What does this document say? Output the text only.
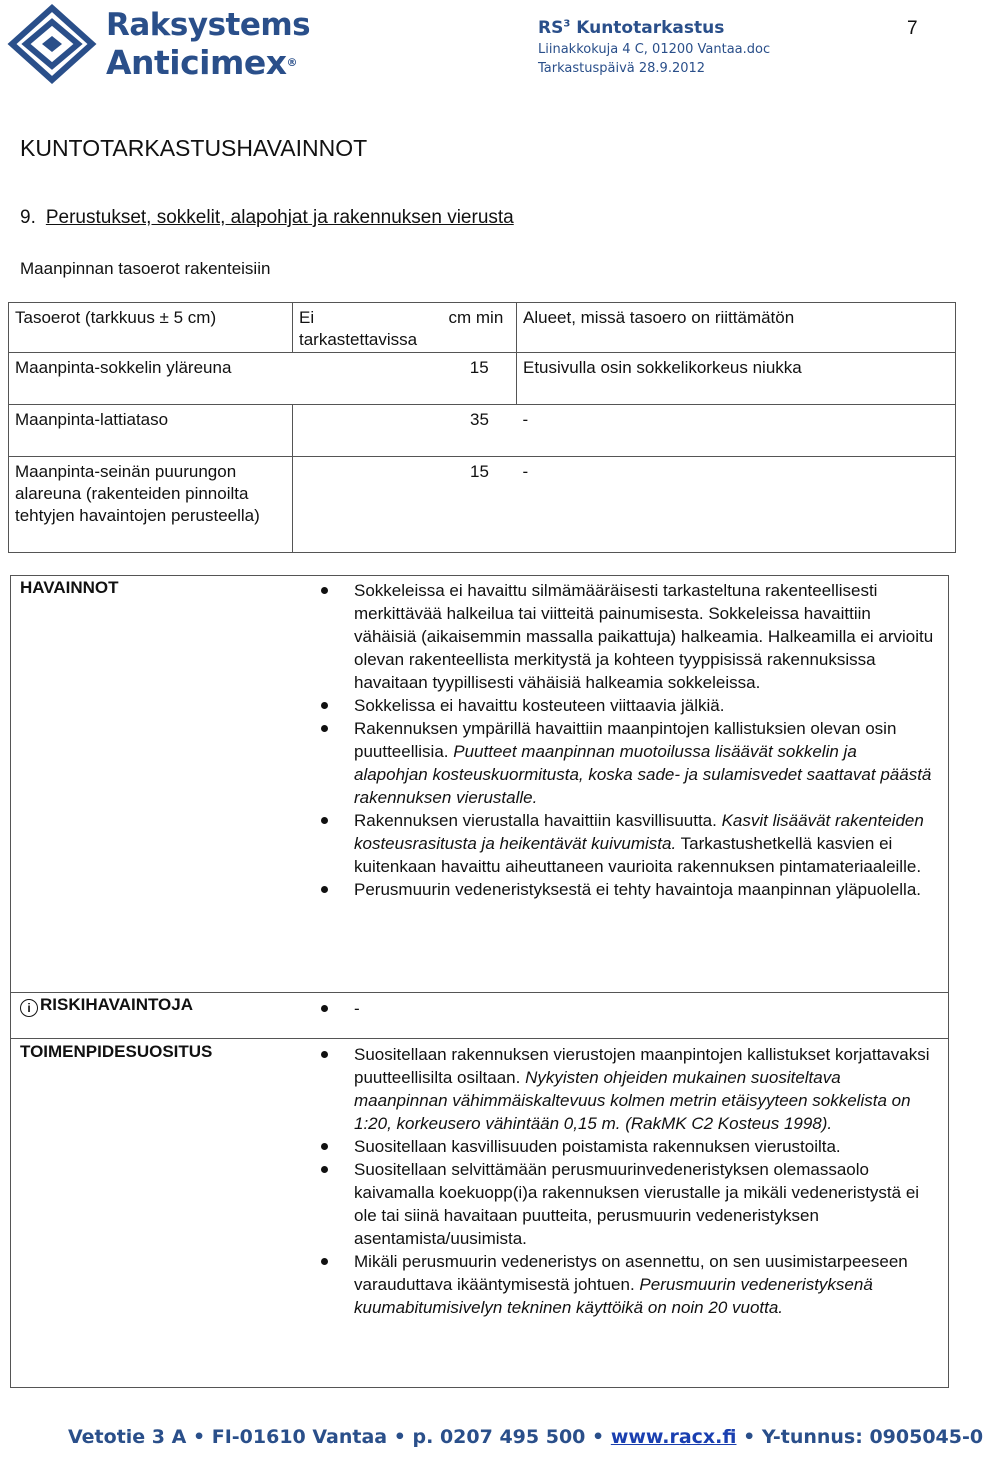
Raksystems
Anticimex®
$RS^3$ Kuntotarkastus
Liinakkokuja 4 C, 01200 Vantaa.doc
Tarkastuspäivä 28.9.2012
7
KUNTOTARKASTUSHAVAINNOT
9. Perustukset, sokkelit, alapohjat ja rakennuksen vierusta
Maanpinnan tasoerot rakenteisiin
Tasoerot (tarkkuus ± 5 cm)	Ei tarkastettavissa	cm min	Alueet, missä tasoero on riittämätön
Maanpinta-sokkelin yläreuna		15	Etusivulla osin sokkelikorkeus niukka
Maanpinta-lattiataso		35	-
Maanpinta-seinän puurungon alareuna (rakenteiden pinnoilta tehtyjen havaintojen perusteella)		15	-
HAVAINNOT	Sokkeleissa ei havaittu silmämääräisesti tarkasteltuna rakenteellisesti merkittävää halkeilua tai viitteitä painumisesta. Sokkeleissa havaittiin vähäisiä (aikaisemmin massalla paikattuja) halkeamia. Halkeamilla ei arvioitu olevan rakenteellista merkitystä ja kohteen tyyppisissä rakennuksissa havaitaan tyypillisesti vähäisiä halkeamia sokkeleissa.
Sokkelissa ei havaittu kosteuteen viittaavia jälkiä.
Rakennuksen ympärillä havaittiin maanpintojen kallistuksien olevan osin puutteellisia. Puutteet maanpinnan muotoilussa lisäävät sokkelin ja alapohjan kosteuskuormitusta, koska sade- ja sulamisvedet saattavat päästä rakennuksen vierustalle.
Rakennuksen vierustalla havaittiin kasvillisuutta. Kasvit lisäävät rakenteiden kosteusrasitusta ja heikentävät kuivumista. Tarkastushetkellä kasvien ei kuitenkaan havaittu aiheuttaneen vaurioita rakennuksen pintamateriaaleille.
Perusmuurin vedeneristyksestä ei tehty havaintoja maanpinnan yläpuolella.
i RISKIHAVAINTOJA	-
TOIMENPIDESUOSITUS	Suositellaan rakennuksen vierustojen maanpintojen kallistukset korjattavaksi puutteellisilta osiltaan. Nykyisten ohjeiden mukainen suositeltava maanpinnan vähimmäiskaltevuus kolmen metrin etäisyyteen sokkelista on 1:20, korkeusero vähintään 0,15 m. (RakMK C2 Kosteus 1998).
Suositellaan kasvillisuuden poistamista rakennuksen vierustoilta.
Suositellaan selvittämään perusmuurinvedeneristyksen olemassaolo kaivamalla koekuopp(i)a rakennuksen vierustalle ja mikäli vedeneristystä ei ole tai siinä havaitaan puutteita, perusmuurin vedeneristyksen asentamista/uusimista.
Mikäli perusmuurin vedeneristys on asennettu, on sen uusimistarpeeseen varauduttava ikääntymisestä johtuen. Perusmuurin vedeneristyksenä kuumabitumisivelyn tekninen käyttöikä on noin 20 vuotta.
Vetotie 3 A • FI-01610 Vantaa • p. 0207 495 500 • www.racx.fi • Y-tunnus: 0905045-0
